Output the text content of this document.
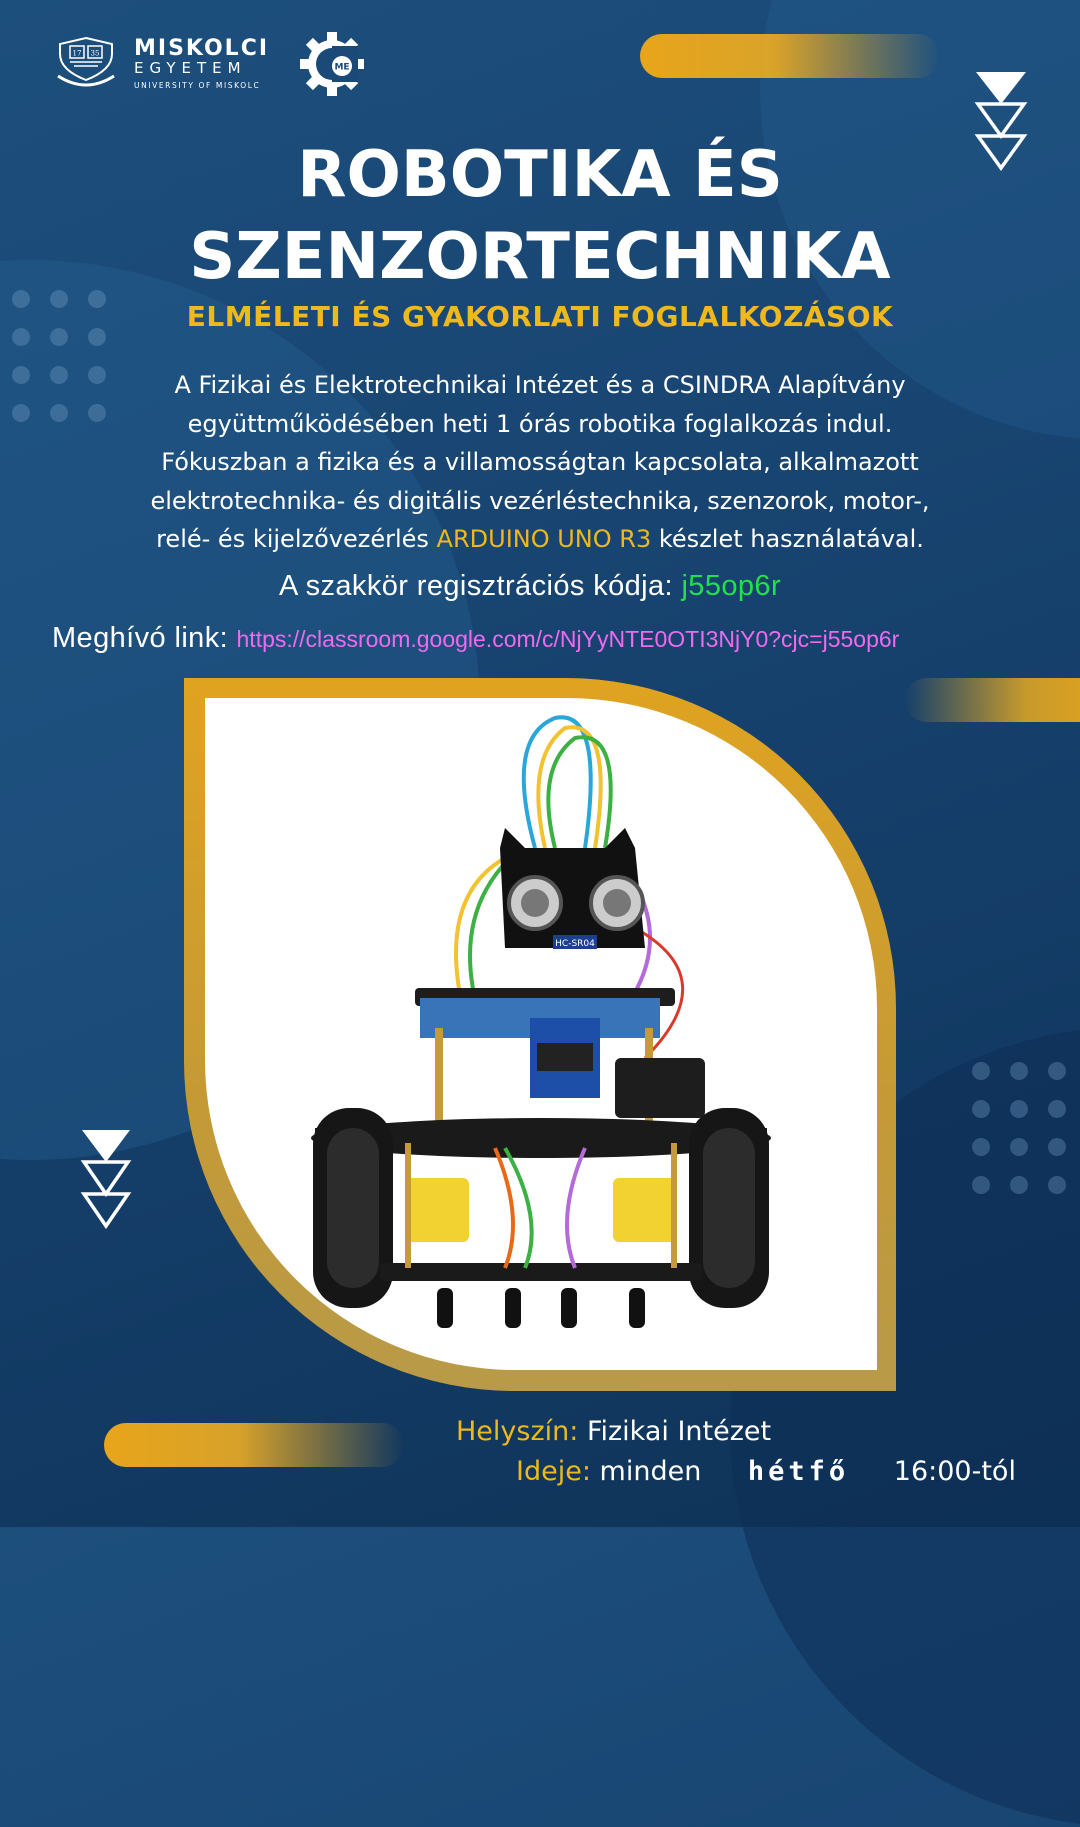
17 35 MISKOLCI
EGYETEM
UNIVERSITY OF MISKOLC
ME
ROBOTIKA ÉS
SZENZORTECHNIKA
ELMÉLETI ÉS GYAKORLATI FOGLALKOZÁSOK
A Fizikai és Elektrotechnikai Intézet és a CSINDRA Alapítvány
együttműködésében heti 1 órás robotika foglalkozás indul.
Fókuszban a fizika és a villamosságtan kapcsolata, alkalmazott
elektrotechnika- és digitális vezérléstechnika, szenzorok, motor-,
relé- és kijelzővezérlés ARDUINO UNO R3 készlet használatával.
A szakkör regisztrációs kódja: j55op6r
Meghívó link: https://classroom.google.com/c/NjYyNTE0OTI3NjY0?cjc=j55op6r
HC-SR04
Helyszín: Fizikai Intézet
Ideje: minden hétfő 16:00-tól
